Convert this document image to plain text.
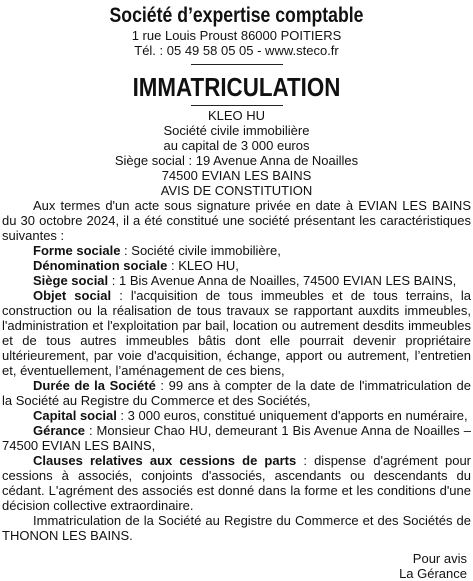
Société d’expertise comptable
1 rue Louis Proust 86000 POITIERS
Tél. : 05 49 58 05 05 - www.steco.fr
IMMATRICULATION
KLEO HU
Société civile immobilière
au capital de 3 000 euros
Siège social : 19 Avenue Anna de Noailles
74500 EVIAN LES BAINS
AVIS DE CONSTITUTION

Aux termes d'un acte sous signature privée en date à EVIAN LES BAINS du 30 octobre 2024, il a été constitué une société présentant les caractéristiques suivantes :

Forme sociale : Société civile immobilière,

Dénomination sociale : KLEO HU,

Siège social : 1 Bis Avenue Anna de Noailles, 74500 EVIAN LES BAINS,

Objet social : l'acquisition de tous immeubles et de tous terrains, la construction ou la réalisation de tous travaux se rapportant auxdits immeubles, l'administration et l'exploitation par bail, location ou autrement desdits immeubles et de tous autres immeubles bâtis dont elle pourrait devenir propriétaire ultérieurement, par voie d'acquisition, échange, apport ou autrement, l’entretien et, éventuellement, l’aménagement de ces biens,

Durée de la Société : 99 ans à compter de la date de l'immatriculation de la Société au Registre du Commerce et des Sociétés,

Capital social : 3 000 euros, constitué uniquement d'apports en numéraire,

Gérance : Monsieur Chao HU, demeurant 1 Bis Avenue Anna de Noailles – 74500 EVIAN LES BAINS,

Clauses relatives aux cessions de parts : dispense d'agrément pour cessions à associés, conjoints d'associés, ascendants ou descendants du cédant. L'agrément des associés est donné dans la forme et les conditions d'une décision collective extraordinaire.

Immatriculation de la Société au Registre du Commerce et des Sociétés de THONON LES BAINS.

Pour avis
La Gérance
